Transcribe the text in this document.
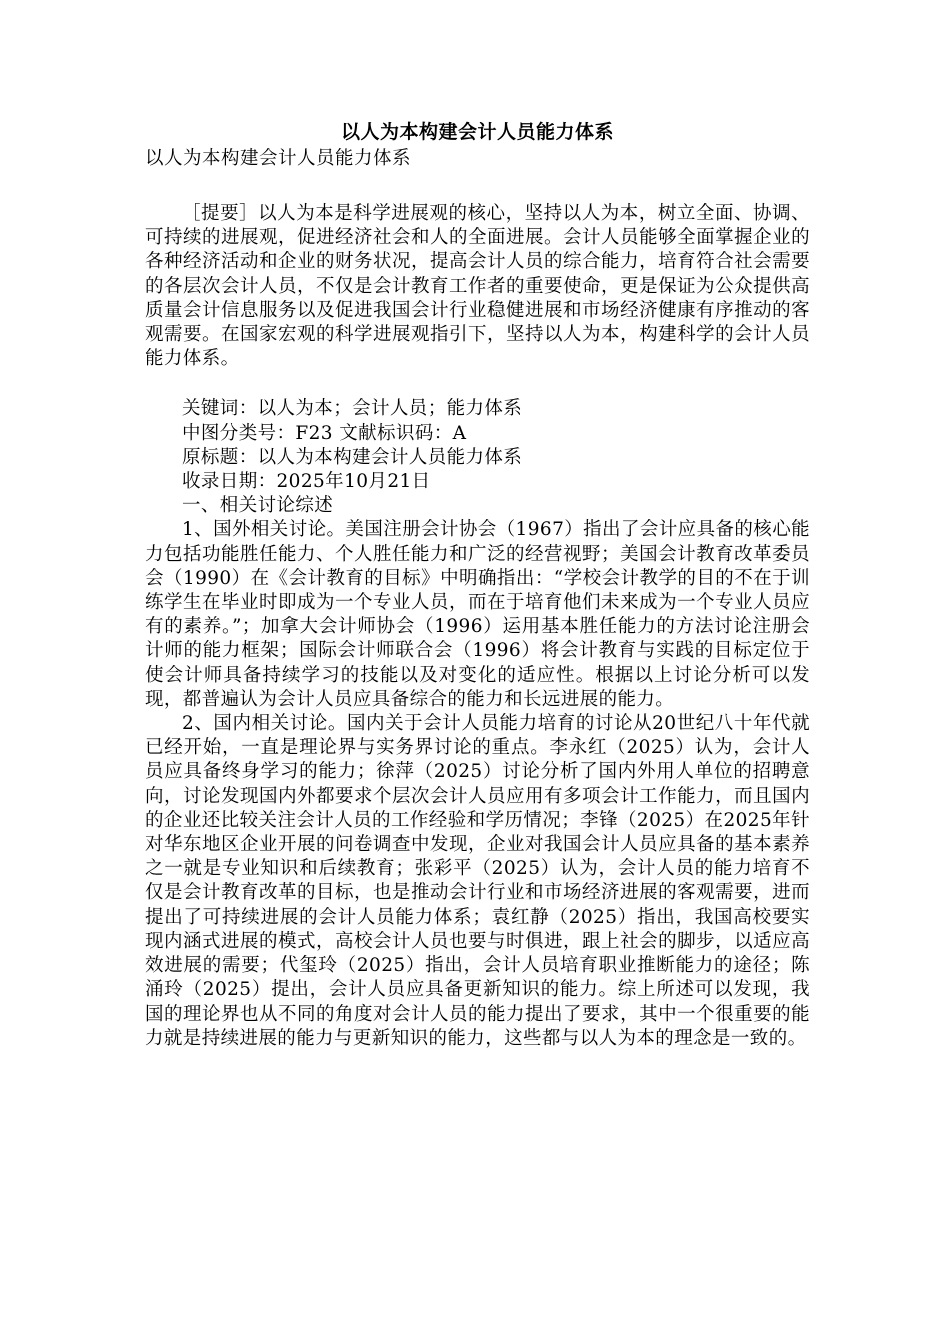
以人为本构建会计人员能力体系

以人为本构建会计人员能力体系

［提要］以人为本是科学进展观的核心，坚持以人为本，树立全面、协调、可持续的进展观，促进经济社会和人的全面进展。会计人员能够全面掌握企业的各种经济活动和企业的财务状况，提高会计人员的综合能力，培育符合社会需要的各层次会计人员，不仅是会计教育工作者的重要使命，更是保证为公众提供高质量会计信息服务以及促进我国会计行业稳健进展和市场经济健康有序推动的客观需要。在国家宏观的科学进展观指引下，坚持以人为本，构建科学的会计人员能力体系。

关键词：以人为本；会计人员；能力体系

中图分类号：F23 文献标识码：A

原标题：以人为本构建会计人员能力体系

收录日期：2025年10月21日

一、相关讨论综述

1、国外相关讨论。美国注册会计协会（1967）指出了会计应具备的核心能力包括功能胜任能力、个人胜任能力和广泛的经营视野；美国会计教育改革委员会（1990）在《会计教育的目标》中明确指出：“学校会计教学的目的不在于训练学生在毕业时即成为一个专业人员，而在于培育他们未来成为一个专业人员应有的素养。”；加拿大会计师协会（1996）运用基本胜任能力的方法讨论注册会计师的能力框架；国际会计师联合会（1996）将会计教育与实践的目标定位于使会计师具备持续学习的技能以及对变化的适应性。根据以上讨论分析可以发现，都普遍认为会计人员应具备综合的能力和长远进展的能力。

2、国内相关讨论。国内关于会计人员能力培育的讨论从20世纪八十年代就已经开始，一直是理论界与实务界讨论的重点。李永红（2025）认为，会计人员应具备终身学习的能力；徐萍（2025）讨论分析了国内外用人单位的招聘意向，讨论发现国内外都要求个层次会计人员应用有多项会计工作能力，而且国内的企业还比较关注会计人员的工作经验和学历情况；李锋（2025）在2025年针对华东地区企业开展的问卷调查中发现，企业对我国会计人员应具备的基本素养之一就是专业知识和后续教育；张彩平（2025）认为，会计人员的能力培育不仅是会计教育改革的目标，也是推动会计行业和市场经济进展的客观需要，进而提出了可持续进展的会计人员能力体系；袁红静（2025）指出，我国高校要实现内涵式进展的模式，高校会计人员也要与时俱进，跟上社会的脚步，以适应高效进展的需要；代玺玲（2025）指出，会计人员培育职业推断能力的途径；陈涌玲（2025）提出，会计人员应具备更新知识的能力。综上所述可以发现，我国的理论界也从不同的角度对会计人员的能力提出了要求，其中一个很重要的能力就是持续进展的能力与更新知识的能力，这些都与以人为本的理念是一致的。
